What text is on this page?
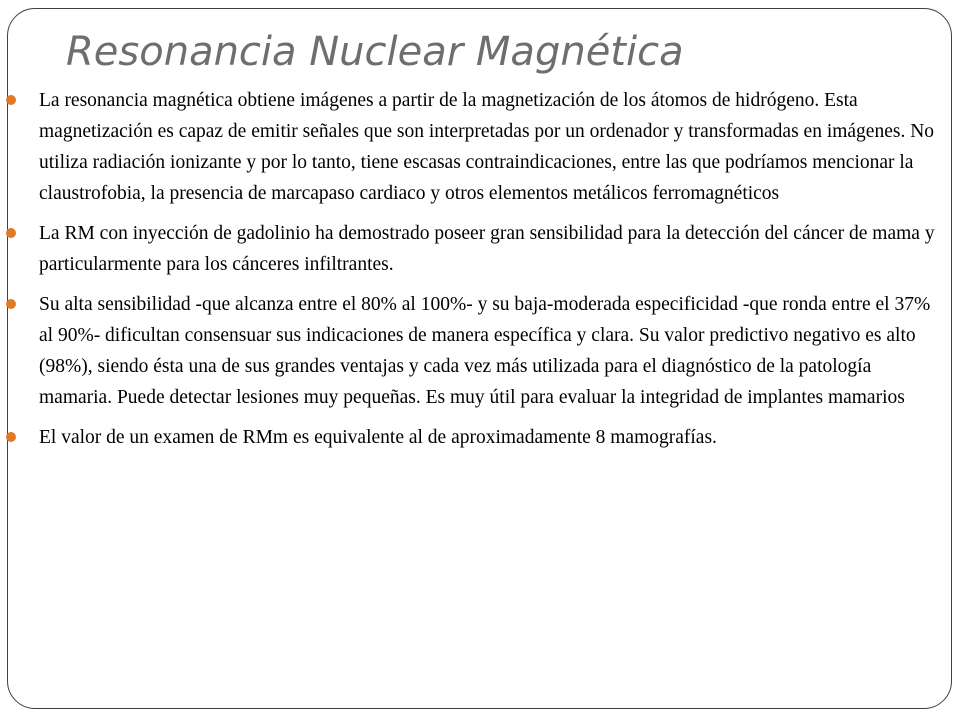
Resonancia Nuclear Magnética
La resonancia magnética obtiene imágenes a partir de la magnetización de los átomos de hidrógeno. Esta magnetización es capaz de emitir señales que son interpretadas por un ordenador y transformadas en imágenes. No utiliza radiación ionizante y por lo tanto, tiene escasas contraindicaciones, entre las que podríamos mencionar la claustrofobia, la presencia de marcapaso cardiaco y otros elementos metálicos ferromagnéticos
La RM con inyección de gadolinio ha demostrado poseer gran sensibilidad para la detección del cáncer de mama y particularmente para los cánceres infiltrantes.
Su alta sensibilidad -que alcanza entre el 80% al 100%- y su baja-moderada especificidad -que ronda entre el 37% al 90%- dificultan consensuar sus indicaciones de manera específica y clara. Su valor predictivo negativo es alto (98%), siendo ésta una de sus grandes ventajas y cada vez más utilizada para el diagnóstico de la patología mamaria. Puede detectar lesiones muy pequeñas. Es muy útil para evaluar la integridad de implantes mamarios
El valor de un examen de RMm es equivalente al de aproximadamente 8 mamografías.
